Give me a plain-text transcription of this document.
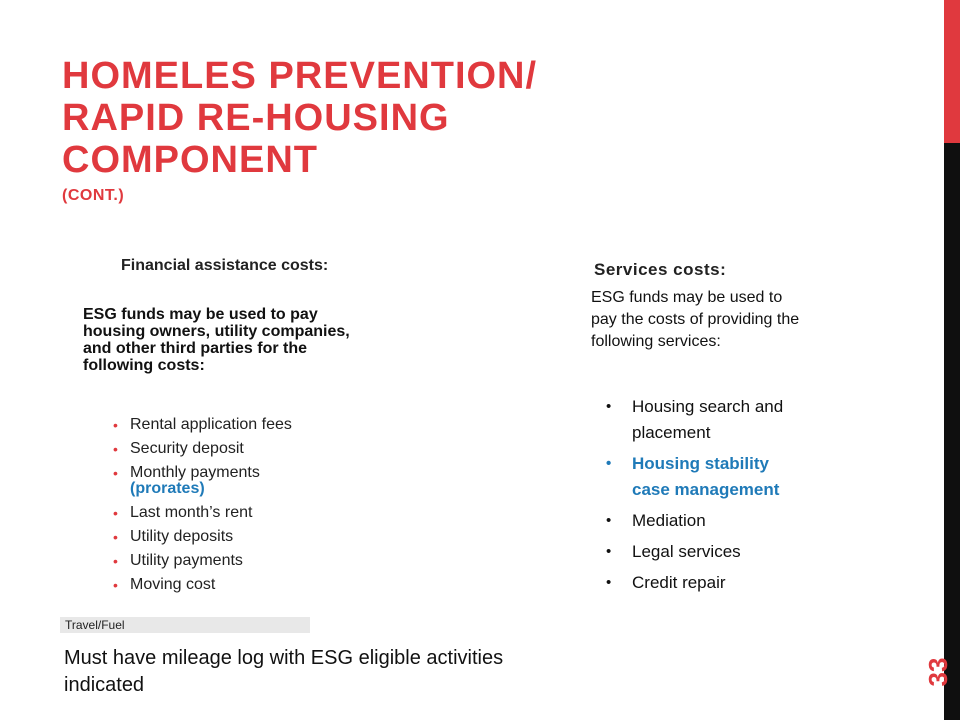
HOMELES PREVENTION/
RAPID RE-HOUSING
COMPONENT
(CONT.)
Financial assistance costs:
ESG funds may be used to pay housing owners, utility companies, and other third parties for the following costs:
• Rental application fees
• Security deposit
• Monthly payments
(prorates)
• Last month’s rent
• Utility deposits
• Utility payments
• Moving cost
Travel/Fuel
Must have mileage log with ESG eligible activities indicated
Services costs:
ESG funds may be used to pay the costs of providing the following services:
• Housing search and placement
• Housing stability case management
• Mediation
• Legal services
• Credit repair
33
